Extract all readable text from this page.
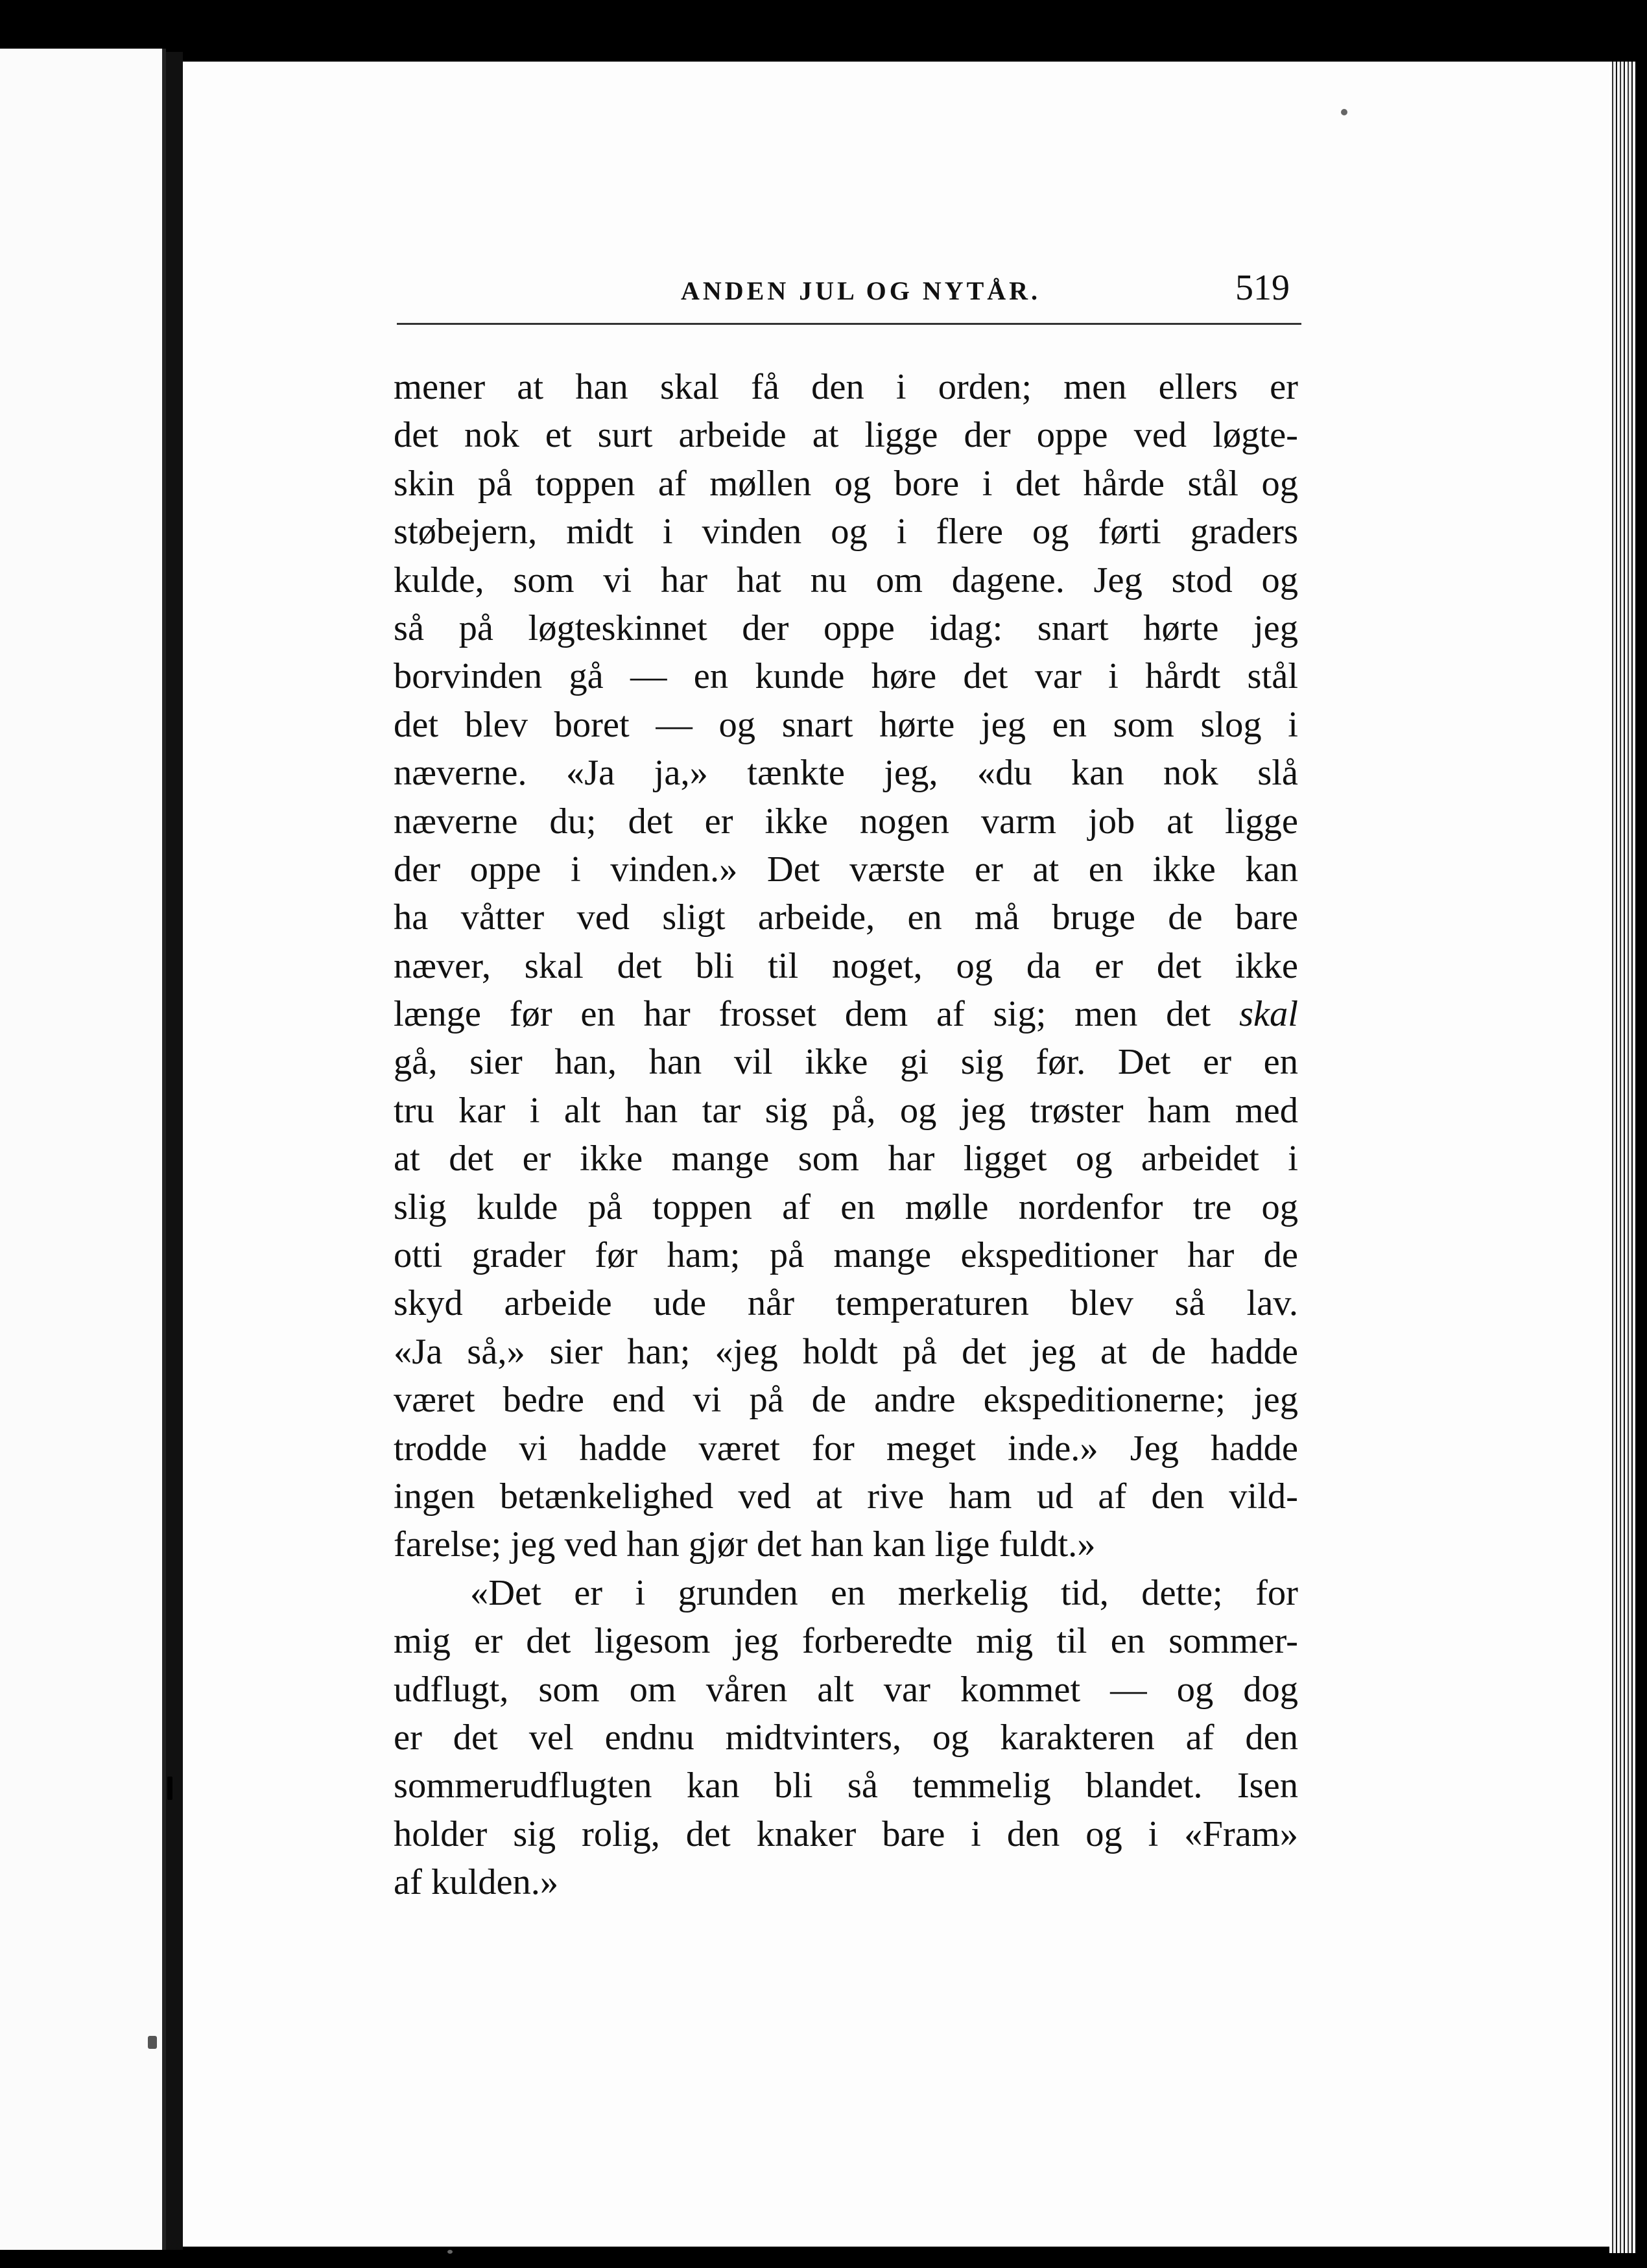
ANDEN JUL OG NYTÅR.	519
mener at han skal få den i orden; men ellers er
det nok et surt arbeide at ligge der oppe ved løgte-
skin på toppen af møllen og bore i det hårde stål og
støbejern, midt i vinden og i flere og førti graders
kulde, som vi har hat nu om dagene. Jeg stod og
så på løgteskinnet der oppe idag: snart hørte jeg
borvinden gå — en kunde høre det var i hårdt stål
det blev boret — og snart hørte jeg en som slog i
næverne. «Ja ja,» tænkte jeg, «du kan nok slå
næverne du; det er ikke nogen varm job at ligge
der oppe i vinden.» Det værste er at en ikke kan
ha våtter ved sligt arbeide, en må bruge de bare
næver, skal det bli til noget, og da er det ikke
længe før en har frosset dem af sig; men det skal
gå, sier han, han vil ikke gi sig før. Det er en
tru kar i alt han tar sig på, og jeg trøster ham med
at det er ikke mange som har ligget og arbeidet i
slig kulde på toppen af en mølle nordenfor tre og
otti grader før ham; på mange ekspeditioner har de
skyd arbeide ude når temperaturen blev så lav.
«Ja så,» sier han; «jeg holdt på det jeg at de hadde
været bedre end vi på de andre ekspeditionerne; jeg
trodde vi hadde været for meget inde.» Jeg hadde
ingen betænkelighed ved at rive ham ud af den vild-
farelse; jeg ved han gjør det han kan lige fuldt.»
«Det er i grunden en merkelig tid, dette; for
mig er det ligesom jeg forberedte mig til en sommer-
udflugt, som om våren alt var kommet — og dog
er det vel endnu midtvinters, og karakteren af den
sommerudflugten kan bli så temmelig blandet. Isen
holder sig rolig, det knaker bare i den og i «Fram»
af kulden.»
